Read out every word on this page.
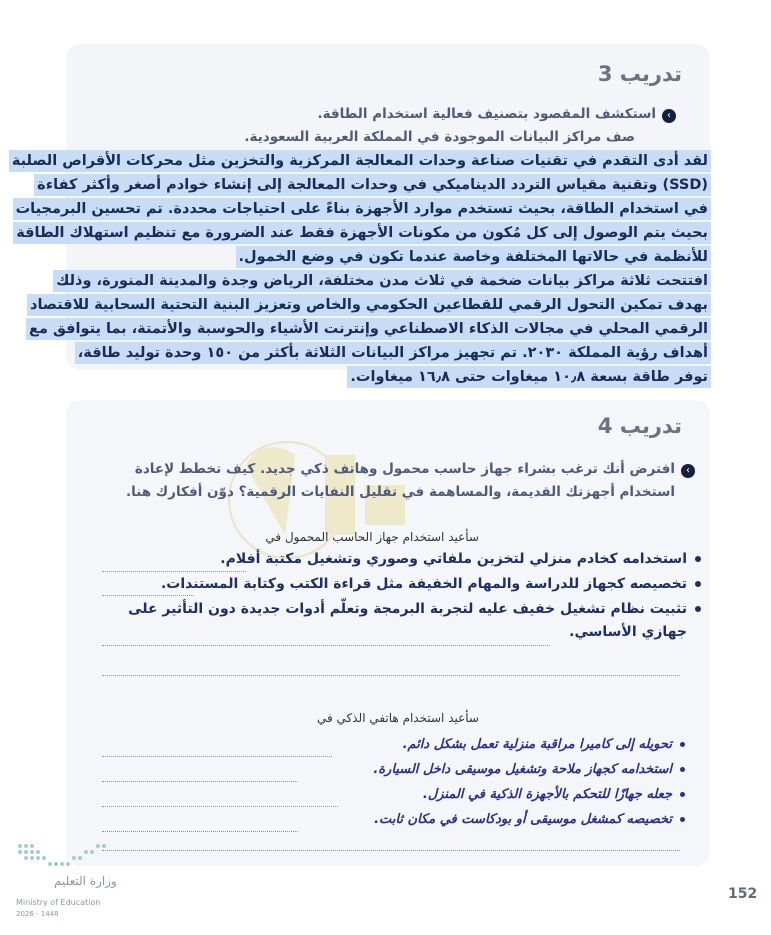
تدريب 3
‹
استكشف المقصود بتصنيف فعالية استخدام الطاقة.
صف مراكز البيانات الموجودة في المملكة العربية السعودية.
لقد أدى التقدم في تقنيات صناعة وحدات المعالجة المركزية والتخزين مثل محركات الأقراص الصلبة
(SSD) وتقنية مقياس التردد الديناميكي في وحدات المعالجة إلى إنشاء خوادم أصغر وأكثر كفاءة
في استخدام الطاقة، بحيث تستخدم موارد الأجهزة بناءً على احتياجات محددة. تم تحسين البرمجيات
بحيث يتم الوصول إلى كل مُكون من مكونات الأجهزة فقط عند الضرورة مع تنظيم استهلاك الطاقة
للأنظمة في حالاتها المختلفة وخاصة عندما تكون في وضع الخمول.
افتتحت ثلاثة مراكز بيانات ضخمة في ثلاث مدن مختلفة، الرياض وجدة والمدينة المنورة، وذلك
بهدف تمكين التحول الرقمي للقطاعين الحكومي والخاص وتعزيز البنية التحتية السحابية للاقتصاد
الرقمي المحلي في مجالات الذكاء الاصطناعي وإنترنت الأشياء والحوسبة والأتمتة، بما يتوافق مع
أهداف رؤية المملكة ٢٠٣٠. تم تجهيز مراكز البيانات الثلاثة بأكثر من ١٥٠ وحدة توليد طاقة،
توفر طاقة بسعة ١٠٫٨ ميغاوات حتى ١٦٫٨ ميغاوات.
تدريب 4
‹
افترض أنك ترغب بشراء جهاز حاسب محمول وهاتف ذكي جديد. كيف تخطط لإعادة
استخدام أجهزتك القديمة، والمساهمة في تقليل النفايات الرقمية؟ دوّن أفكارك هنا.
سأعيد استخدام جهاز الحاسب المحمول في
استخدامه كخادم منزلي لتخزين ملفاتي وصوري وتشغيل مكتبة أفلام.
تخصيصه كجهاز للدراسة والمهام الخفيفة مثل قراءة الكتب وكتابة المستندات.
تثبيت نظام تشغيل خفيف عليه لتجربة البرمجة وتعلّم أدوات جديدة دون التأثير على
جهازي الأساسي.
سأعيد استخدام هاتفي الذكي في
تحويله إلى كاميرا مراقبة منزلية تعمل بشكل دائم.
استخدامه كجهاز ملاحة وتشغيل موسيقى داخل السيارة.
جعله جهازًا للتحكم بالأجهزة الذكية في المنزل.
تخصيصه كمشغل موسيقى أو بودكاست في مكان ثابت.
وزارة التعليم
Ministry of Education
2026 - 1448
152
